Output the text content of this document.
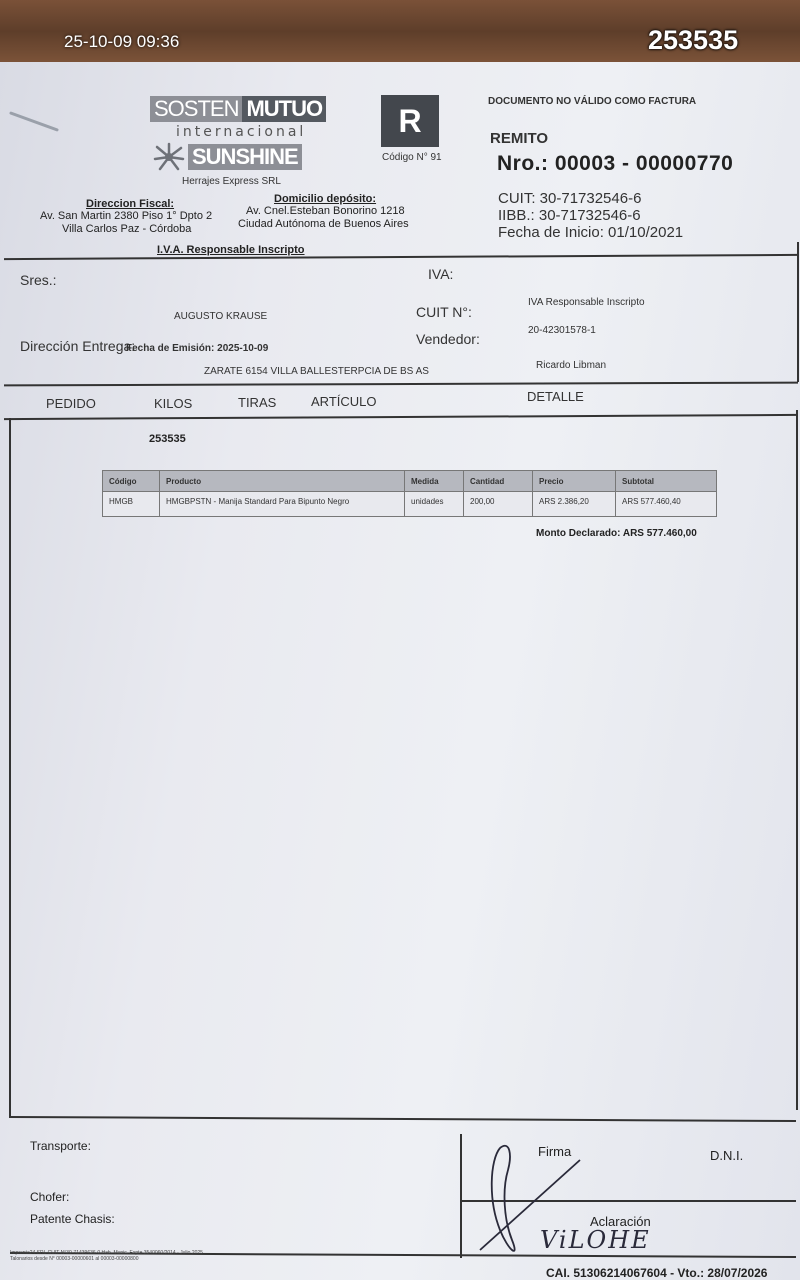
25-10-09 09:36	253535
SOSTEN MUTUO
internacional
SUNSHINE
Herrajes Express SRL
R
Código N° 91
DOCUMENTO NO VÁLIDO COMO FACTURA
REMITO
Nro.: 00003 - 00000770
CUIT: 30-71732546-6
IIBB.: 30-71732546-6
Fecha de Inicio: 01/10/2021
Direccion Fiscal:
Av. San Martin 2380 Piso 1° Dpto 2
Villa Carlos Paz - Córdoba
Domicilio depósito:
Av. Cnel.Esteban Bonorino 1218
Ciudad Autónoma de Buenos Aires
I.V.A. Responsable Inscripto
Sres.:	IVA:
AUGUSTO KRAUSE	CUIT N°:
IVA Responsable Inscripto
Dirección Entrega:
Fecha de Emisión: 2025-10-09
Vendedor:
20-42301578-1
ZARATE 6154 VILLA BALLESTERPCIA DE BS AS
Ricardo Libman
PEDIDO	KILOS	TIRAS	ARTÍCULO	DETALLE
253535
Código	Producto	Medida	Cantidad	Precio	Subtotal
HMGB	HMGBPSTN - Manija Standard Para Bipunto Negro	unidades	200,00	ARS 2.386,20	ARS 577.460,40
Monto Declarado: ARS 577.460,00
Transporte:
Chofer:
Patente Chasis:
Firma	D.N.I.
Aclaración
ViLOHE
Imprenta24 SRL CUIT N°30-71439636-0 Hab. Munic. Expte 3540060/2014 - Julio 2025
Talonarios desde N° 00003-00000601 al 00003-00000800
CAI. 51306214067604 - Vto.: 28/07/2026
